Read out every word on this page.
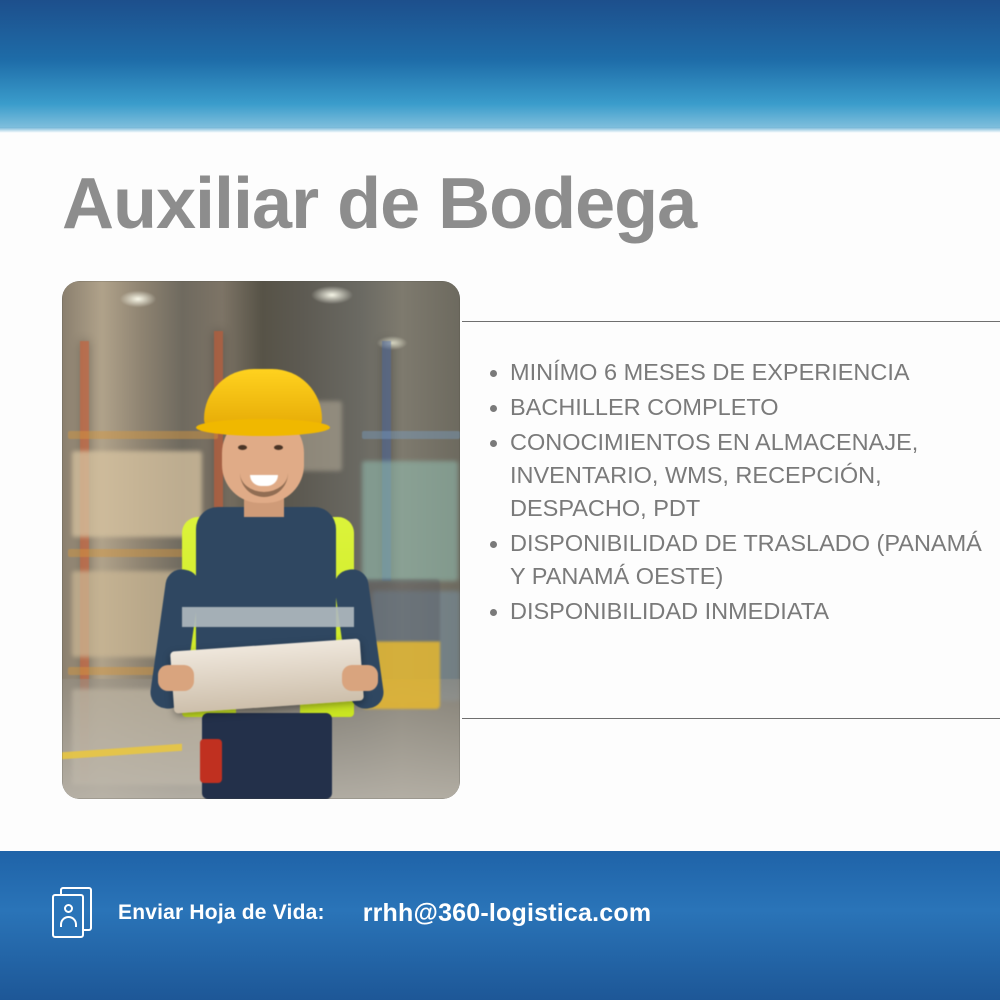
Auxiliar de Bodega
MINÍMO 6 MESES DE EXPERIENCIA
BACHILLER COMPLETO
CONOCIMIENTOS EN ALMACENAJE, INVENTARIO, WMS, RECEPCIÓN, DESPACHO, PDT
DISPONIBILIDAD DE TRASLADO (PANAMÁ Y PANAMÁ OESTE)
DISPONIBILIDAD INMEDIATA
Enviar Hoja de Vida: rrhh@360-logistica.com
